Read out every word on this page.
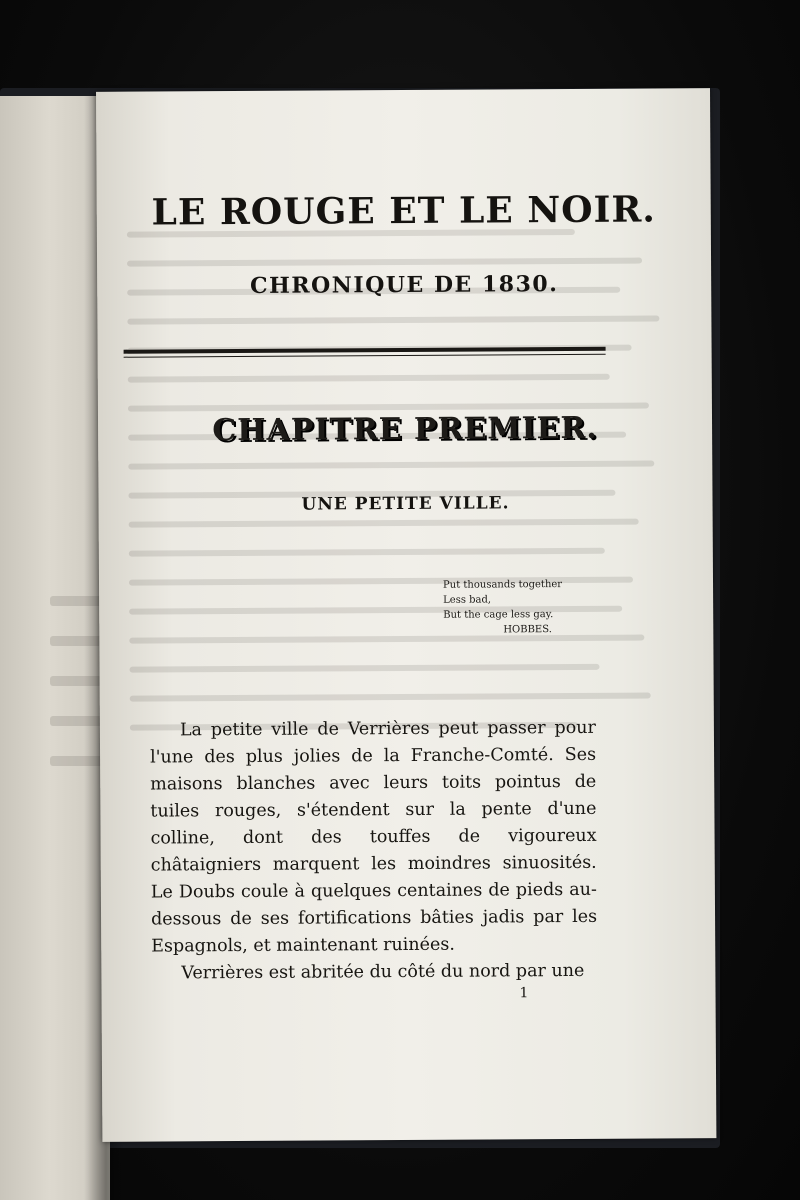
LE ROUGE ET LE NOIR.
CHRONIQUE DE 1830.
CHAPITRE PREMIER.
UNE PETITE VILLE.
Put thousands together
Less bad,
But the cage less gay.
HOBBES.

La petite ville de Verrières peut passer pour l'une des plus jolies de la Franche-Comté. Ses maisons blanches avec leurs toits pointus de tuiles rouges, s'étendent sur la pente d'une colline, dont des touffes de vigoureux châtaigniers marquent les moindres sinuosités. Le Doubs coule à quelques centaines de pieds au-dessous de ses fortifications bâties jadis par les Espagnols, et maintenant ruinées.

Verrières est abritée du côté du nord par une

1
